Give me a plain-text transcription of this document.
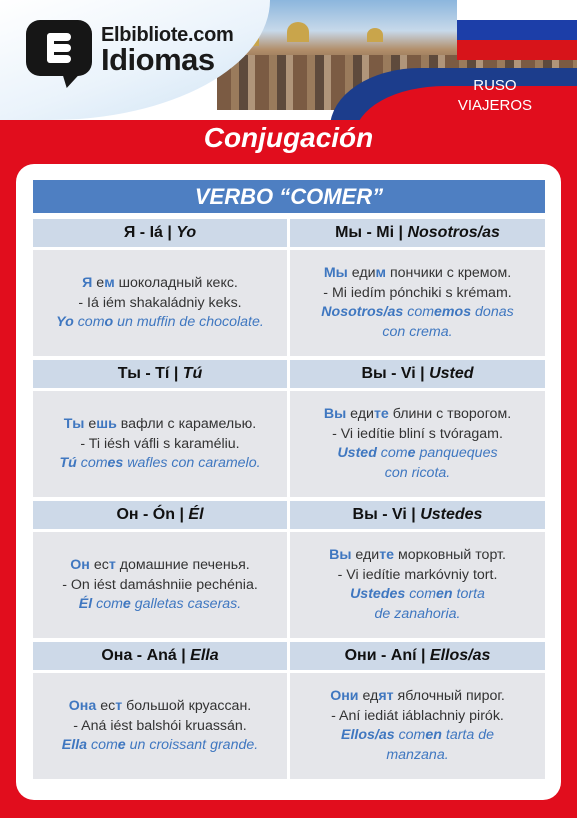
Elbibliote.com
Idiomas
RUSO
VIAJEROS
Conjugación
VERBO “COMER”
Я - Iá | Yo	Мы - Mi | Nosotros/as
Я ем шоколадный кекс.
- Iá iém shakaládniy keks.
Yo como un muffin de chocolate.
Мы едим пончики с кремом.
- Mi iedím pónchiki s krémam.
Nosotros/as comemos donas
con crema.
Ты - Tí | Tú	Вы - Vi | Usted
Ты ешь вафли с карамелью.
- Ti iésh váfli s karaméliu.
Tú comes wafles con caramelo.
Вы едите блини с творогом.
- Vi iedítie bliní s tvóragam.
Usted come panqueques
con ricota.
Он - Ón | Él	Вы - Vi | Ustedes
Он ест домашние печенья.
- On iést damáshniie pechénia.
Él come galletas caseras.
Вы едите морковный торт.
- Vi iedítie markóvniy tort.
Ustedes comen torta
de zanahoria.
Она - Aná | Ella	Они - Aní | Ellos/as
Она ест большой круассан.
- Aná iést balshói kruassán.
Ella come un croissant grande.
Они едят яблочный пирог.
- Aní iediát iáblachniy pirók.
Ellos/as comen tarta de
manzana.
